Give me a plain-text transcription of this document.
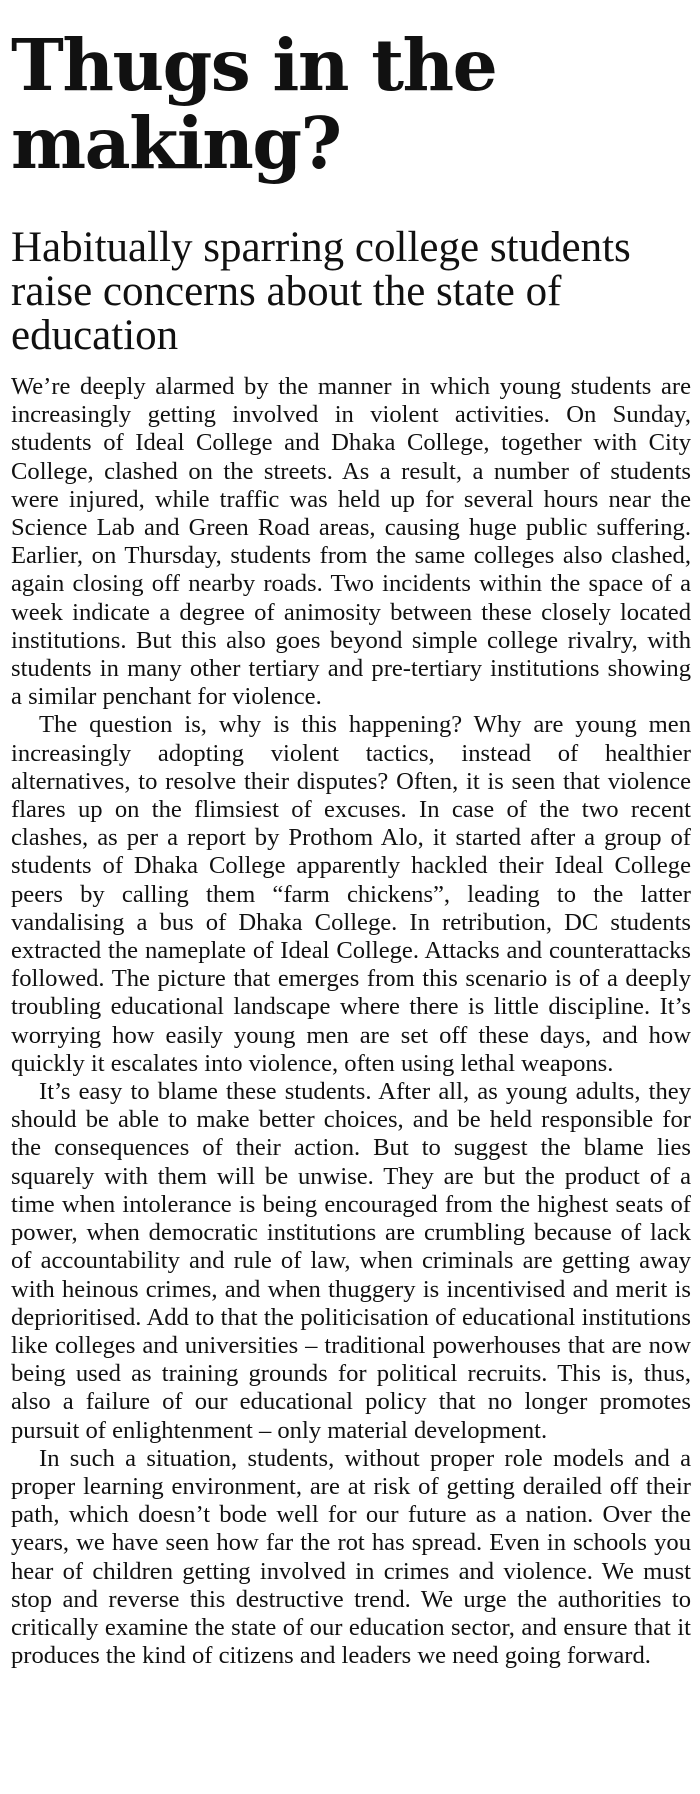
Thugs in the making?
Habitually sparring college students raise concerns about the state of education

We’re deeply alarmed by the manner in which young students are increasingly getting involved in violent activities. On Sunday, students of Ideal College and Dhaka College, together with City College, clashed on the streets. As a result, a number of students were injured, while traffic was held up for several hours near the Science Lab and Green Road areas, causing huge public suffering. Earlier, on Thursday, students from the same colleges also clashed, again closing off nearby roads. Two incidents within the space of a week indicate a degree of animosity between these closely located institutions. But this also goes beyond simple college rivalry, with students in many other tertiary and pre-tertiary institutions showing a similar penchant for violence.

The question is, why is this happening? Why are young men increasingly adopting violent tactics, instead of healthier alternatives, to resolve their disputes? Often, it is seen that violence flares up on the flimsiest of excuses. In case of the two recent clashes, as per a report by Prothom Alo, it started after a group of students of Dhaka College apparently hackled their Ideal College peers by calling them “farm chickens”, leading to the latter vandalising a bus of Dhaka College. In retribution, DC students extracted the nameplate of Ideal College. Attacks and counterattacks followed. The picture that emerges from this scenario is of a deeply troubling educational landscape where there is little discipline. It’s worrying how easily young men are set off these days, and how quickly it escalates into violence, often using lethal weapons.

It’s easy to blame these students. After all, as young adults, they should be able to make better choices, and be held responsible for the consequences of their action. But to suggest the blame lies squarely with them will be unwise. They are but the product of a time when intolerance is being encouraged from the highest seats of power, when democratic institutions are crumbling because of lack of accountability and rule of law, when criminals are getting away with heinous crimes, and when thuggery is incentivised and merit is deprioritised. Add to that the politicisation of educational institutions like colleges and universities – traditional powerhouses that are now being used as training grounds for political recruits. This is, thus, also a failure of our educational policy that no longer promotes pursuit of enlightenment – only material development.

In such a situation, students, without proper role models and a proper learning environment, are at risk of getting derailed off their path, which doesn’t bode well for our future as a nation. Over the years, we have seen how far the rot has spread. Even in schools you hear of children getting involved in crimes and violence. We must stop and reverse this destructive trend. We urge the authorities to critically examine the state of our education sector, and ensure that it produces the kind of citizens and leaders we need going forward.
